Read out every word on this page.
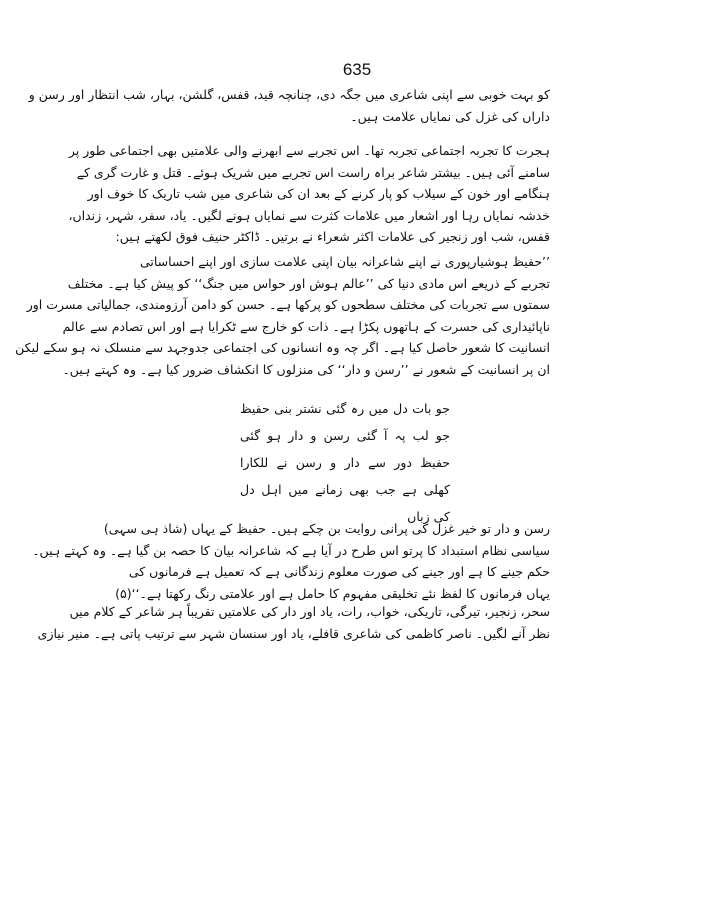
635
کو بہت خوبی سے اپنی شاعری میں جگہ دی، چنانچہ قید، قفس، گلشن، بہار، شب انتظار اور رسن و
داراں کی غزل کی نمایاں علامت ہیں۔
ہجرت کا تجربہ اجتماعی تجربہ تھا۔ اس تجربے سے ابھرنے والی علامتیں بھی اجتماعی طور پر
سامنے آئی ہیں۔ بیشتر شاعر براہ راست اس تجربے میں شریک ہوئے۔ قتل و غارت گری کے
ہنگامے اور خون کے سیلاب کو پار کرنے کے بعد ان کی شاعری میں شب تاریک کا خوف اور
خدشہ نمایاں رہا اور اشعار میں علامات کثرت سے نمایاں ہونے لگیں۔ یاد، سفر، شہر، زنداں،
قفس، شب اور زنجیر کی علامات اکثر شعراء نے برتیں۔ ڈاکٹر حنیف فوق لکھتے ہیں:
’’حفیظ ہوشیارپوری نے اپنے شاعرانہ بیان اپنی علامت سازی اور اپنے احساساتی
تجربے کے ذریعے اس مادی دنیا کی ’’عالم ہوش اور حواس میں جنگ‘‘ کو پیش کیا ہے۔ مختلف
سمتوں سے تجربات کی مختلف سطحوں کو پرکھا ہے۔ حسن کو دامن آرزومندی، جمالیاتی مسرت اور
ناپائیداری کی حسرت کے ہاتھوں پکڑا ہے۔ ذات کو خارج سے ٹکرایا ہے اور اس تصادم سے عالم
انسانیت کا شعور حاصل کیا ہے۔ اگر چہ وہ انسانوں کی اجتماعی جدوجہد سے منسلک نہ ہو سکے لیکن
ان پر انسانیت کے شعور نے ’’رسن و دار‘‘ کی منزلوں کا انکشاف ضرور کیا ہے۔ وہ کہتے ہیں۔
جو بات دل میں رہ گئی نشتر بنی حفیظ
جو لب پہ آ گئی رسن و دار ہو گئی
حفیظ دور سے دار و رسن نے للکارا
کھلی ہے جب بھی زمانے میں اہل دل کی زباں
رسن و دار تو خیر غزل کی پرانی روایت بن چکے ہیں۔ حفیظ کے یہاں (شاذ ہی سہی)
سیاسی نظام استبداد کا پرتو اس طرح در آیا ہے کہ شاعرانہ بیان کا حصہ بن گیا ہے۔ وہ کہتے ہیں۔
حکم جینے کا ہے اور جینے کی صورت معلوم زندگانی ہے کہ تعمیل ہے فرمانوں کی
یہاں فرمانوں کا لفظ نئے تخلیقی مفہوم کا حامل ہے اور علامتی رنگ رکھتا ہے۔‘‘(۵)
سحر، زنجیر، تیرگی، تاریکی، خواب، رات، یاد اور دار کی علامتیں تقریباً ہر شاعر کے کلام میں
نظر آنے لگیں۔ ناصر کاظمی کی شاعری قافلے، یاد اور سنسان شہر سے ترتیب پاتی ہے۔ منیر نیازی
